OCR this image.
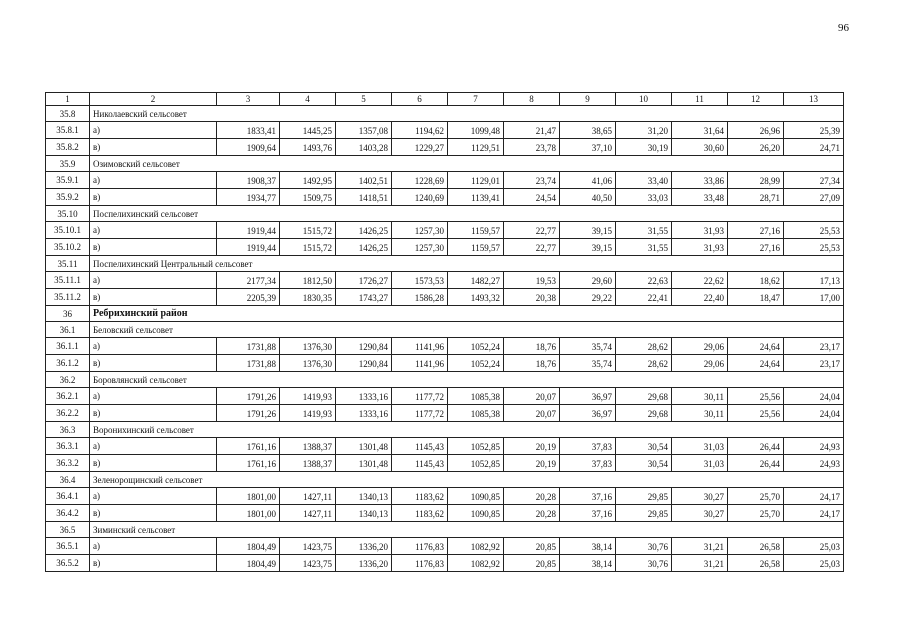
96
1	2	3	4	5	6	7	8	9	10	11	12	13
35.8	Николаевский сельсовет											
35.8.1	а)	1833,41	1445,25	1357,08	1194,62	1099,48	21,47	38,65	31,20	31,64	26,96	25,39
35.8.2	в)	1909,64	1493,76	1403,28	1229,27	1129,51	23,78	37,10	30,19	30,60	26,20	24,71
35.9	Озимовский сельсовет											
35.9.1	а)	1908,37	1492,95	1402,51	1228,69	1129,01	23,74	41,06	33,40	33,86	28,99	27,34
35.9.2	в)	1934,77	1509,75	1418,51	1240,69	1139,41	24,54	40,50	33,03	33,48	28,71	27,09
35.10	Поспелихинский сельсовет											
35.10.1	а)	1919,44	1515,72	1426,25	1257,30	1159,57	22,77	39,15	31,55	31,93	27,16	25,53
35.10.2	в)	1919,44	1515,72	1426,25	1257,30	1159,57	22,77	39,15	31,55	31,93	27,16	25,53
35.11	Поспелихинский Центральный сельсовет											
35.11.1	а)	2177,34	1812,50	1726,27	1573,53	1482,27	19,53	29,60	22,63	22,62	18,62	17,13
35.11.2	в)	2205,39	1830,35	1743,27	1586,28	1493,32	20,38	29,22	22,41	22,40	18,47	17,00
36	Ребрихинский район											
36.1	Беловский сельсовет											
36.1.1	а)	1731,88	1376,30	1290,84	1141,96	1052,24	18,76	35,74	28,62	29,06	24,64	23,17
36.1.2	в)	1731,88	1376,30	1290,84	1141,96	1052,24	18,76	35,74	28,62	29,06	24,64	23,17
36.2	Боровлянский сельсовет											
36.2.1	а)	1791,26	1419,93	1333,16	1177,72	1085,38	20,07	36,97	29,68	30,11	25,56	24,04
36.2.2	в)	1791,26	1419,93	1333,16	1177,72	1085,38	20,07	36,97	29,68	30,11	25,56	24,04
36.3	Воронихинский сельсовет											
36.3.1	а)	1761,16	1388,37	1301,48	1145,43	1052,85	20,19	37,83	30,54	31,03	26,44	24,93
36.3.2	в)	1761,16	1388,37	1301,48	1145,43	1052,85	20,19	37,83	30,54	31,03	26,44	24,93
36.4	Зеленорощинский сельсовет											
36.4.1	а)	1801,00	1427,11	1340,13	1183,62	1090,85	20,28	37,16	29,85	30,27	25,70	24,17
36.4.2	в)	1801,00	1427,11	1340,13	1183,62	1090,85	20,28	37,16	29,85	30,27	25,70	24,17
36.5	Зиминский сельсовет											
36.5.1	а)	1804,49	1423,75	1336,20	1176,83	1082,92	20,85	38,14	30,76	31,21	26,58	25,03
36.5.2	в)	1804,49	1423,75	1336,20	1176,83	1082,92	20,85	38,14	30,76	31,21	26,58	25,03
